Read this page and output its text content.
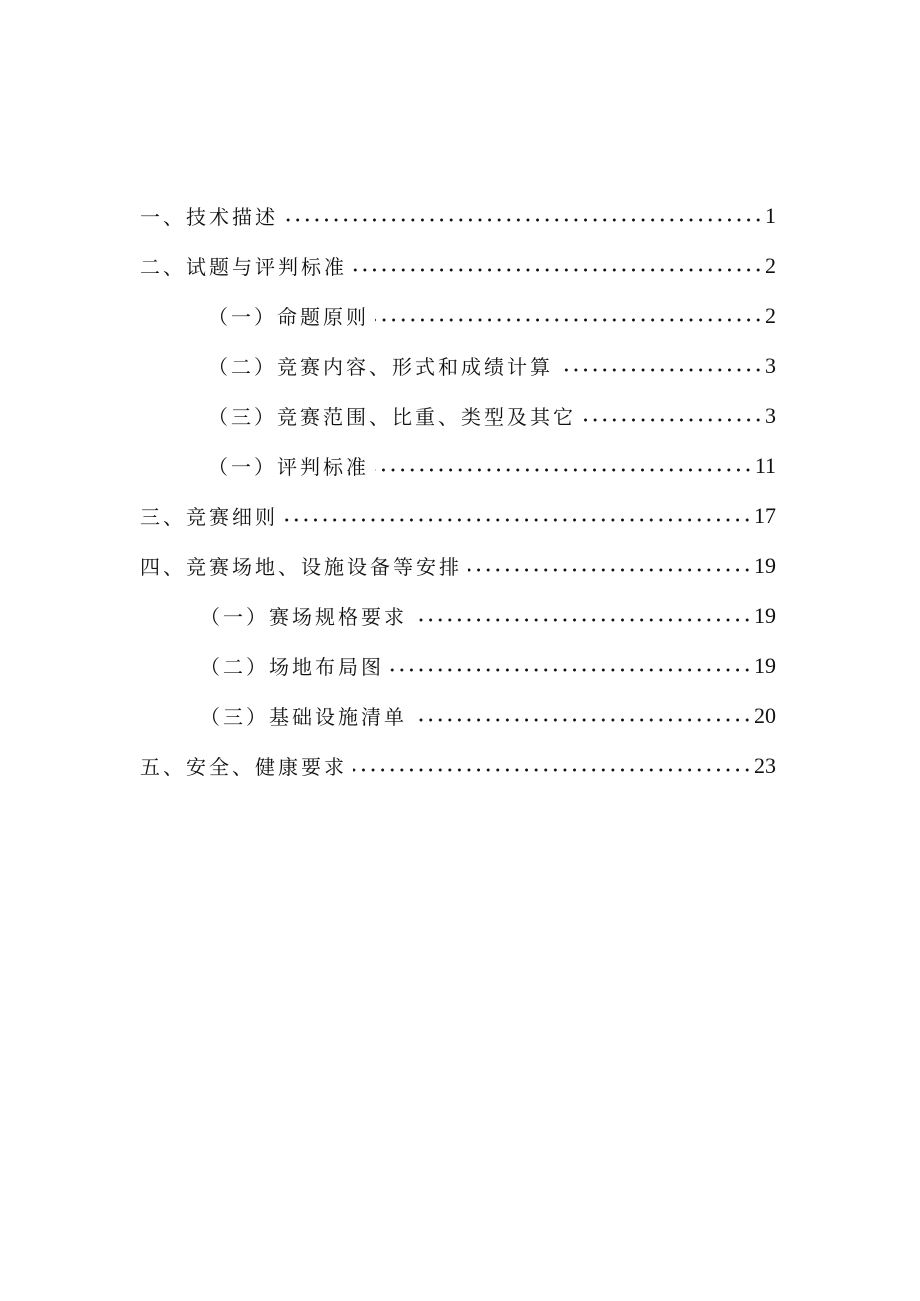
一、技术描述	1
二、试题与评判标准	2
（一）命题原则	2
（二）竞赛内容、形式和成绩计算	3
（三）竞赛范围、比重、类型及其它	3
（一）评判标准	11
三、竞赛细则	17
四、竞赛场地、设施设备等安排	19
（一）赛场规格要求	19
（二）场地布局图	19
（三）基础设施清单	20
五、安全、健康要求	23
